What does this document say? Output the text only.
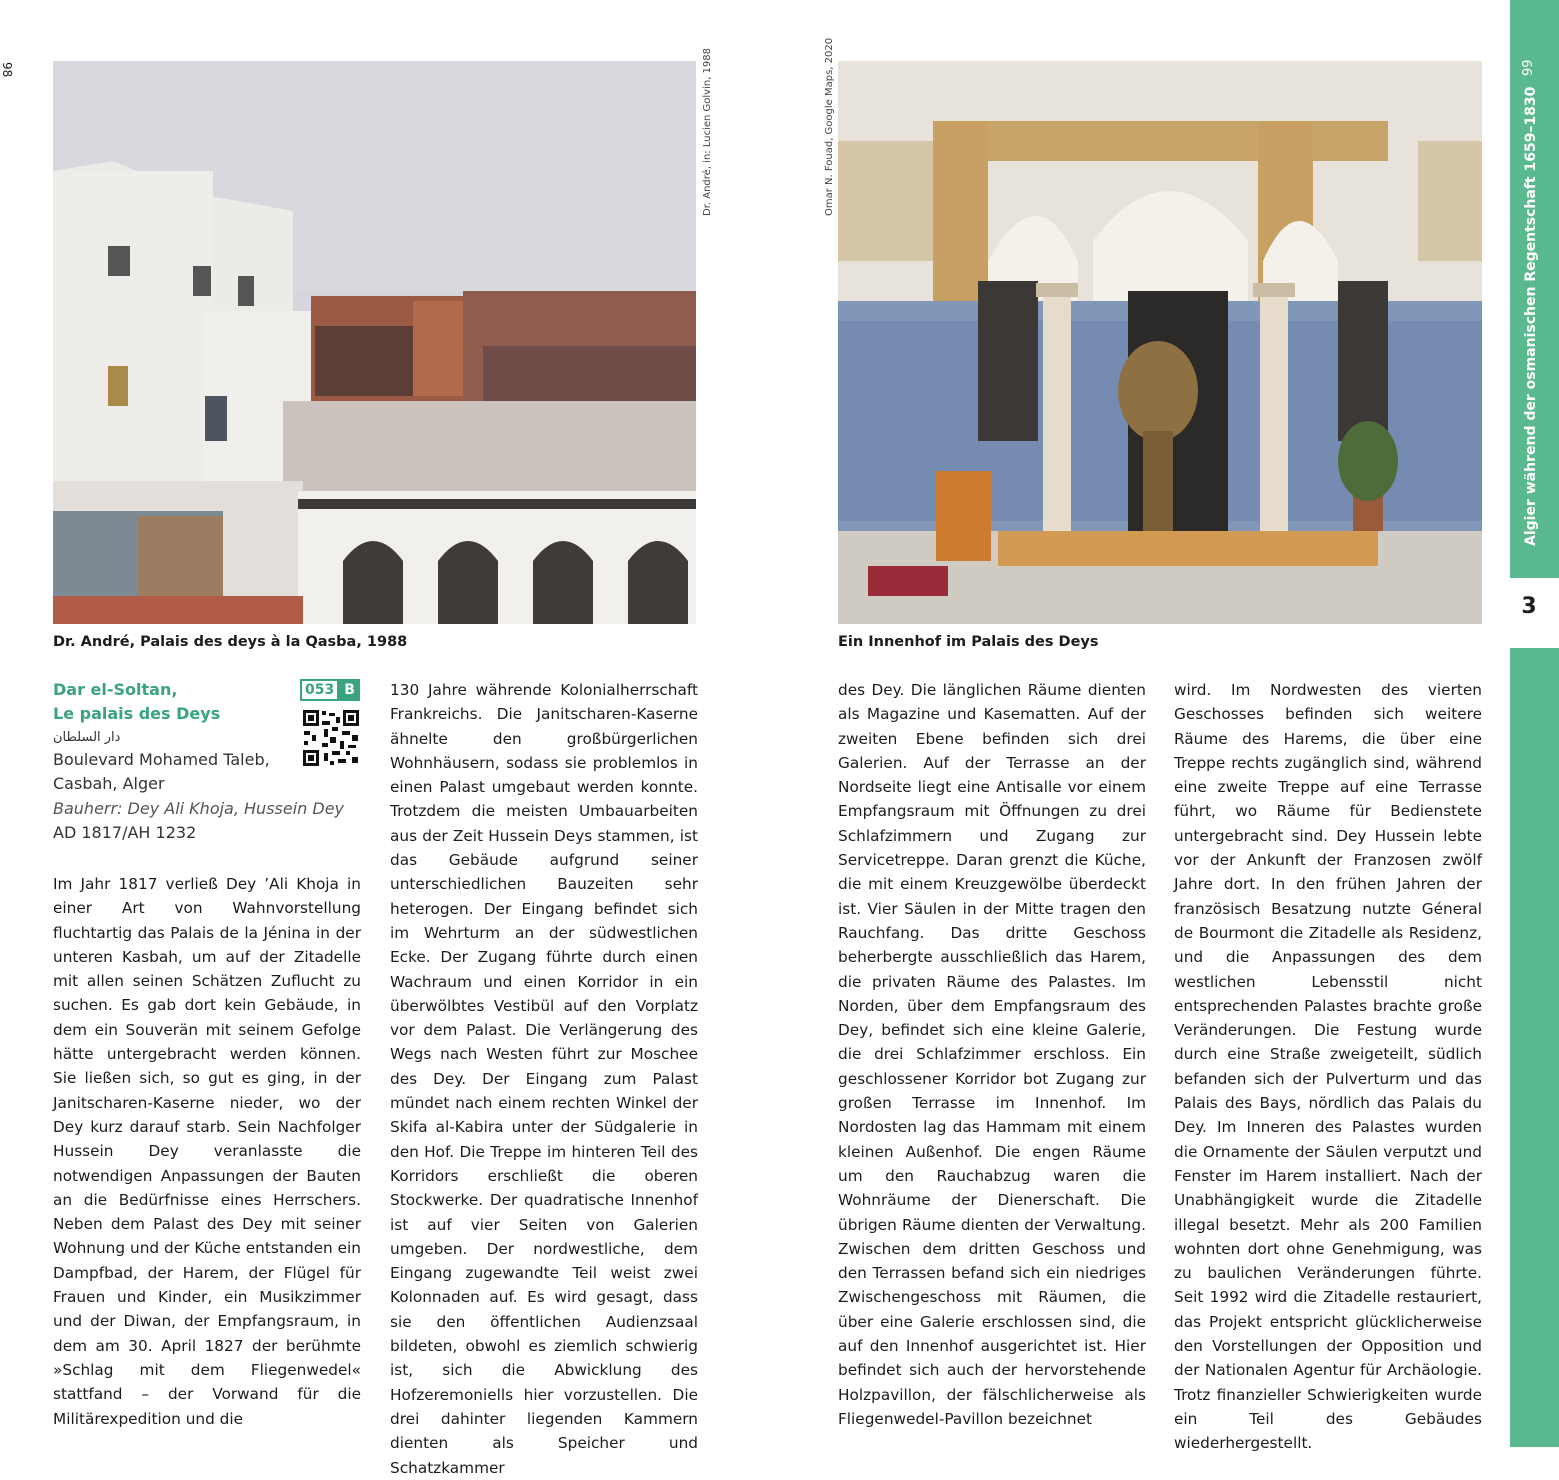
98	Dr. André, in: Lucien Golvin, 1988
Dr. André, Palais des deys à la Qasba, 1988
Omar N. Fouad, Google Maps, 2020
Ein Innenhof im Palais des Deys
Dar el-Soltan,
Le palais des Deys
053 B
دار السلطان
Boulevard Mohamed Taleb,
Casbah, Alger
Bauherr: Dey Ali Khoja, Hussein Dey
AD 1817/AH 1232

Im Jahr 1817 verließ Dey ’Ali Khoja in einer Art von Wahnvorstellung fluchtartig das Palais de la Jénina in der unteren Kasbah, um auf der Zitadelle mit allen seinen Schätzen Zuflucht zu suchen. Es gab dort kein Gebäude, in dem ein Souverän mit seinem Gefolge hätte untergebracht werden können. Sie ließen sich, so gut es ging, in der Janitscharen-Kaserne nieder, wo der Dey kurz darauf starb. Sein Nachfolger Hussein Dey veranlasste die notwendigen Anpassungen der Bauten an die Bedürfnisse eines Herrschers. Neben dem Palast des Dey mit seiner Wohnung und der Küche entstanden ein Dampfbad, der Harem, der Flügel für Frauen und Kinder, ein Musikzimmer und der Diwan, der Empfangsraum, in dem am 30. April 1827 der berühmte »Schlag mit dem Fliegenwedel« stattfand – der Vorwand für die Militärexpedition und die

130 Jahre währende Kolonialherrschaft Frankreichs. Die Janitscharen-Kaserne ähnelte den großbürgerlichen Wohnhäusern, sodass sie problemlos in einen Palast umgebaut werden konnte. Trotzdem die meisten Umbauarbeiten aus der Zeit Hussein Deys stammen, ist das Gebäude aufgrund seiner unterschiedlichen Bauzeiten sehr heterogen. Der Eingang befindet sich im Wehrturm an der südwestlichen Ecke. Der Zugang führte durch einen Wachraum und einen Korridor in ein überwölbtes Vestibül auf den Vorplatz vor dem Palast. Die Verlängerung des Wegs nach Westen führt zur Moschee des Dey. Der Eingang zum Palast mündet nach einem rechten Winkel der Skifa al-Kabira unter der Südgalerie in den Hof. Die Treppe im hinteren Teil des Korridors erschließt die oberen Stockwerke. Der quadratische Innenhof ist auf vier Seiten von Galerien umgeben. Der nordwestliche, dem Eingang zugewandte Teil weist zwei Kolonnaden auf. Es wird gesagt, dass sie den öffentlichen Audienzsaal bildeten, obwohl es ziemlich schwierig ist, sich die Abwicklung des Hofzeremoniells hier vorzustellen. Die drei dahinter liegenden Kammern dienten als Speicher und Schatzkammer

des Dey. Die länglichen Räume dienten als Magazine und Kasematten. Auf der zweiten Ebene befinden sich drei Galerien. Auf der Terrasse an der Nordseite liegt eine Antisalle vor einem Empfangsraum mit Öffnungen zu drei Schlafzimmern und Zugang zur Servicetreppe. Daran grenzt die Küche, die mit einem Kreuzgewölbe überdeckt ist. Vier Säulen in der Mitte tragen den Rauchfang. Das dritte Geschoss beherbergte ausschließlich das Harem, die privaten Räume des Palastes. Im Norden, über dem Empfangsraum des Dey, befindet sich eine kleine Galerie, die drei Schlafzimmer erschloss. Ein geschlossener Korridor bot Zugang zur großen Terrasse im Innenhof. Im Nordosten lag das Hammam mit einem kleinen Außenhof. Die engen Räume um den Rauchabzug waren die Wohnräume der Dienerschaft. Die übrigen Räume dienten der Verwaltung. Zwischen dem dritten Geschoss und den Terrassen befand sich ein niedriges Zwischengeschoss mit Räumen, die über eine Galerie erschlossen sind, die auf den Innenhof ausgerichtet ist. Hier befindet sich auch der hervorstehende Holzpavillon, der fälschlicherweise als Fliegenwedel-Pavillon bezeichnet

wird. Im Nordwesten des vierten Geschosses befinden sich weitere Räume des Harems, die über eine Treppe rechts zugänglich sind, während eine zweite Treppe auf eine Terrasse führt, wo Räume für Bedienstete untergebracht sind. Dey Hussein lebte vor der Ankunft der Franzosen zwölf Jahre dort. In den frühen Jahren der französisch Besatzung nutzte Géneral de Bourmont die Zitadelle als Residenz, und die Anpassungen des dem westlichen Lebensstil nicht entsprechenden Palastes brachte große Veränderungen. Die Festung wurde durch eine Straße zweigeteilt, südlich befanden sich der Pulverturm und das Palais des Bays, nördlich das Palais du Dey. Im Inneren des Palastes wurden die Ornamente der Säulen verputzt und Fenster im Harem installiert. Nach der Unabhängigkeit wurde die Zitadelle illegal besetzt. Mehr als 200 Familien wohnten dort ohne Genehmigung, was zu baulichen Veränderungen führte. Seit 1992 wird die Zitadelle restauriert, das Projekt entspricht glücklicherweise den Vorstellungen der Opposition und der Nationalen Agentur für Archäologie. Trotz finanzieller Schwierigkeiten wurde ein Teil des Gebäudes wiederhergestellt.

Algier während der osmanischen Regentschaft 1659–1830
3
99
